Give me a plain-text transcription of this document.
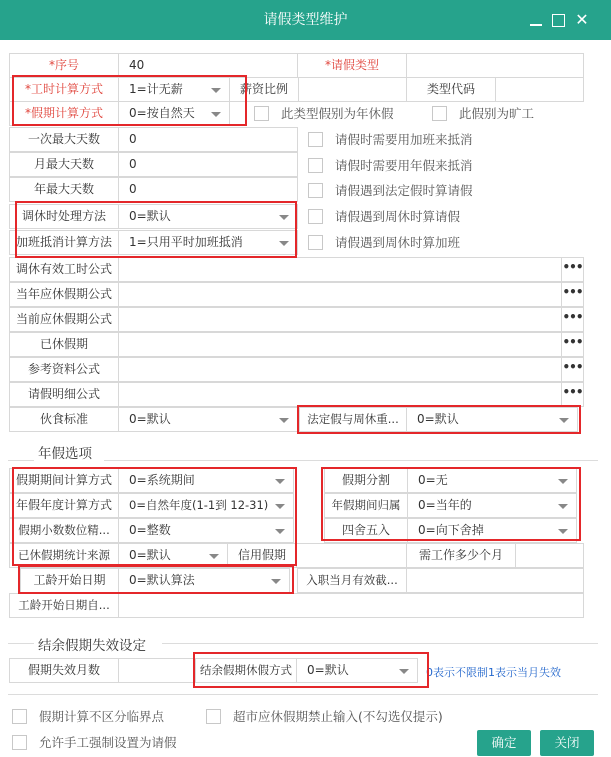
请假类型维护	✕
*序号	40	*请假类型
*工时计算方式	1=计无薪	薪资比例	类型代码
*假期计算方式	0=按自然天	此类型假别为年休假	此假别为旷工
一次最大天数	0
月最大天数	0
年最大天数	0
调休时处理方法	0=默认
加班抵消计算方法	1=只用平时加班抵消
请假时需要用加班来抵消
请假时需要用年假来抵消
请假遇到法定假时算请假
请假遇到周休时算请假
请假遇到周休时算加班
调休有效工时公式	•••
当年应休假期公式	•••
当前应休假期公式	•••
已休假期	•••
参考资料公式	•••
请假明细公式	•••
伙食标准	0=默认	法定假与周休重...	0=默认
年假选项
假期期间计算方式	0=系统期间	假期分割	0=无
年假年度计算方式	0=自然年度(1-1到 12-31)	年假期间归属	0=当年的
假期小数数位精...	0=整数	四舍五入	0=向下舍掉
已休假期统计来源	0=默认	信用假期	需工作多少个月
工龄开始日期	0=默认算法	入职当月有效截...
工龄开始日期自...
结余假期失效设定
假期失效月数	结余假期休假方式	0=默认	0表示不限制1表示当月失效
假期计算不区分临界点	超市应休假期禁止输入(不勾选仅提示)
允许手工强制设置为请假	确定	关闭
